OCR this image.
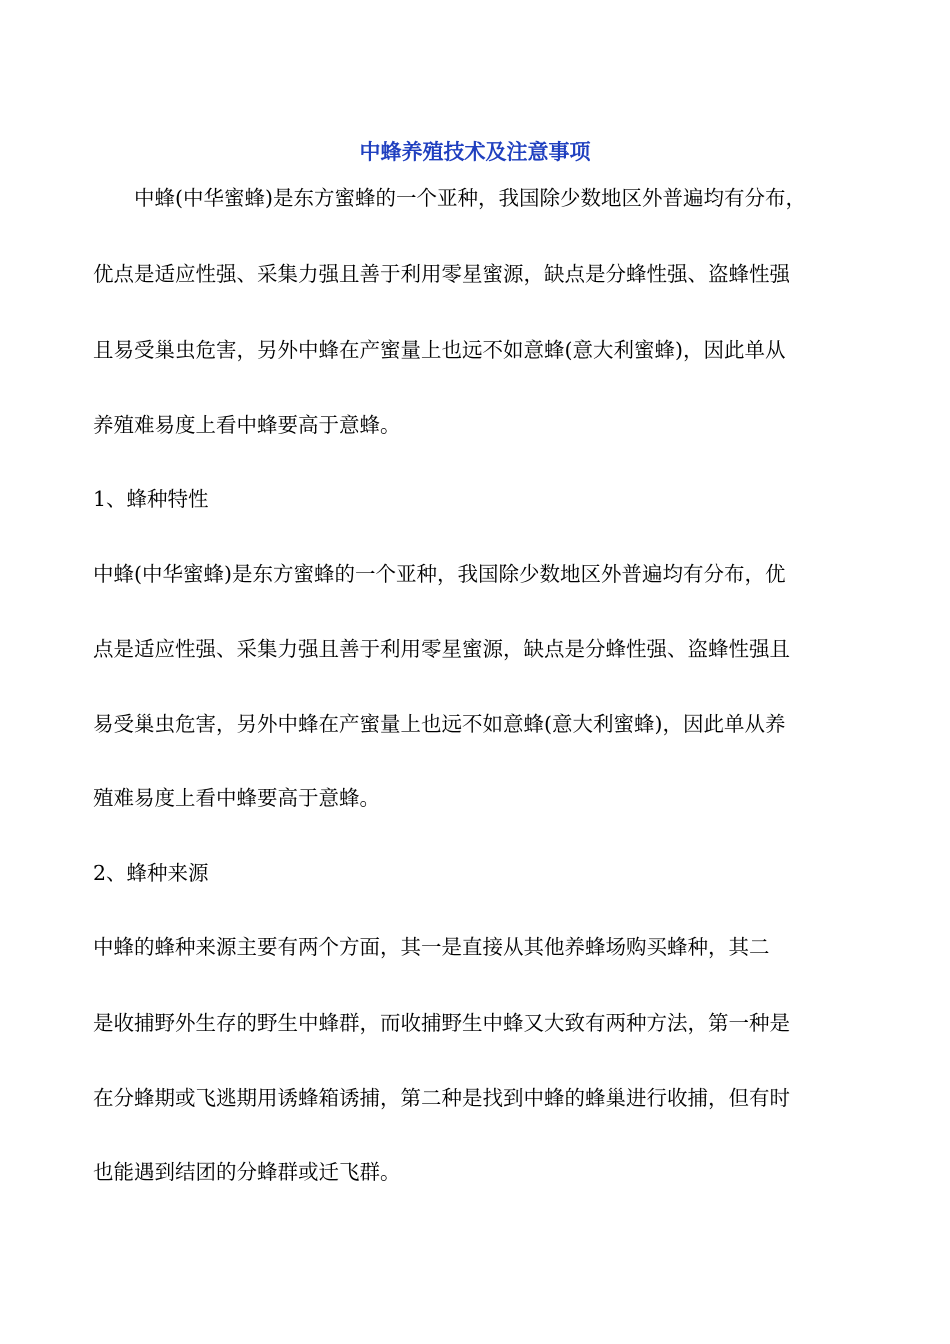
中蜂养殖技术及注意事项
　　中蜂(中华蜜蜂)是东方蜜蜂的一个亚种，我国除少数地区外普遍均有分布，
优点是适应性强、采集力强且善于利用零星蜜源，缺点是分蜂性强、盗蜂性强
且易受巢虫危害，另外中蜂在产蜜量上也远不如意蜂(意大利蜜蜂)，因此单从
养殖难易度上看中蜂要高于意蜂。
1、蜂种特性
中蜂(中华蜜蜂)是东方蜜蜂的一个亚种，我国除少数地区外普遍均有分布，优
点是适应性强、采集力强且善于利用零星蜜源，缺点是分蜂性强、盗蜂性强且
易受巢虫危害，另外中蜂在产蜜量上也远不如意蜂(意大利蜜蜂)，因此单从养
殖难易度上看中蜂要高于意蜂。
2、蜂种来源
中蜂的蜂种来源主要有两个方面，其一是直接从其他养蜂场购买蜂种，其二
是收捕野外生存的野生中蜂群，而收捕野生中蜂又大致有两种方法，第一种是
在分蜂期或飞逃期用诱蜂箱诱捕，第二种是找到中蜂的蜂巢进行收捕，但有时
也能遇到结团的分蜂群或迁飞群。
